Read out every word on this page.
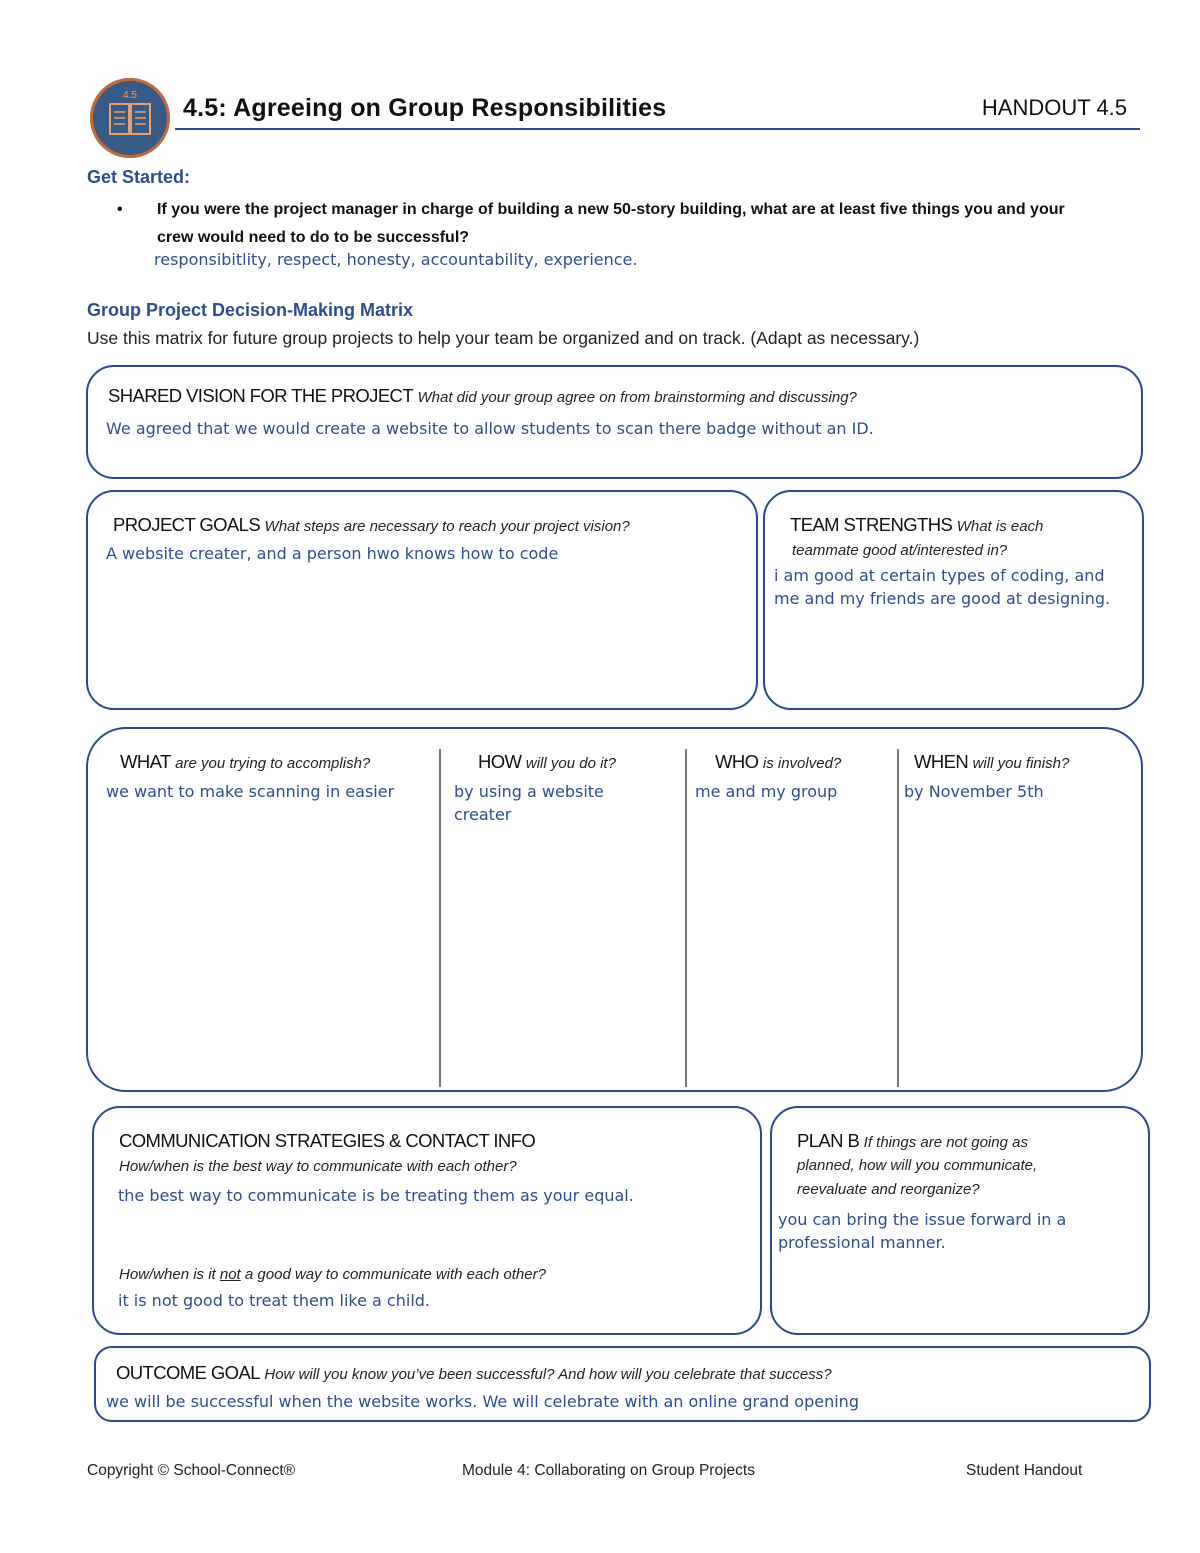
4.5 4.5: Agreeing on Group Responsibilities	HANDOUT 4.5
Get Started:
• If you were the project manager in charge of building a new 50-story building, what are at least five things you and your crew would need to do to be successful?
responsibitlity, respect, honesty, accountability, experience.
Group Project Decision-Making Matrix
Use this matrix for future group projects to help your team be organized and on track. (Adapt as necessary.)
SHARED VISION FOR THE PROJECT What did your group agree on from brainstorming and discussing?
We agreed that we would create a website to allow students to scan there badge without an ID.
PROJECT GOALS What steps are necessary to reach your project vision?
A website creater, and a person hwo knows how to code
TEAM STRENGTHS What is each
teammate good at/interested in?
i am good at certain types of coding, and
me and my friends are good at designing.
WHAT are you trying to accomplish?
we want to make scanning in easier
HOW will you do it?
by using a website
creater
WHO is involved?
me and my group
WHEN will you finish?
by November 5th
COMMUNICATION STRATEGIES & CONTACT INFO
How/when is the best way to communicate with each other?
the best way to communicate is be treating them as your equal.
How/when is it not a good way to communicate with each other?
it is not good to treat them like a child.
PLAN B If things are not going as
planned, how will you communicate,
reevaluate and reorganize?
you can bring the issue forward in a
professional manner.
OUTCOME GOAL How will you know you’ve been successful? And how will you celebrate that success?
we will be successful when the website works. We will celebrate with an online grand opening
Copyright © School-Connect®	Module 4: Collaborating on Group Projects	Student Handout
